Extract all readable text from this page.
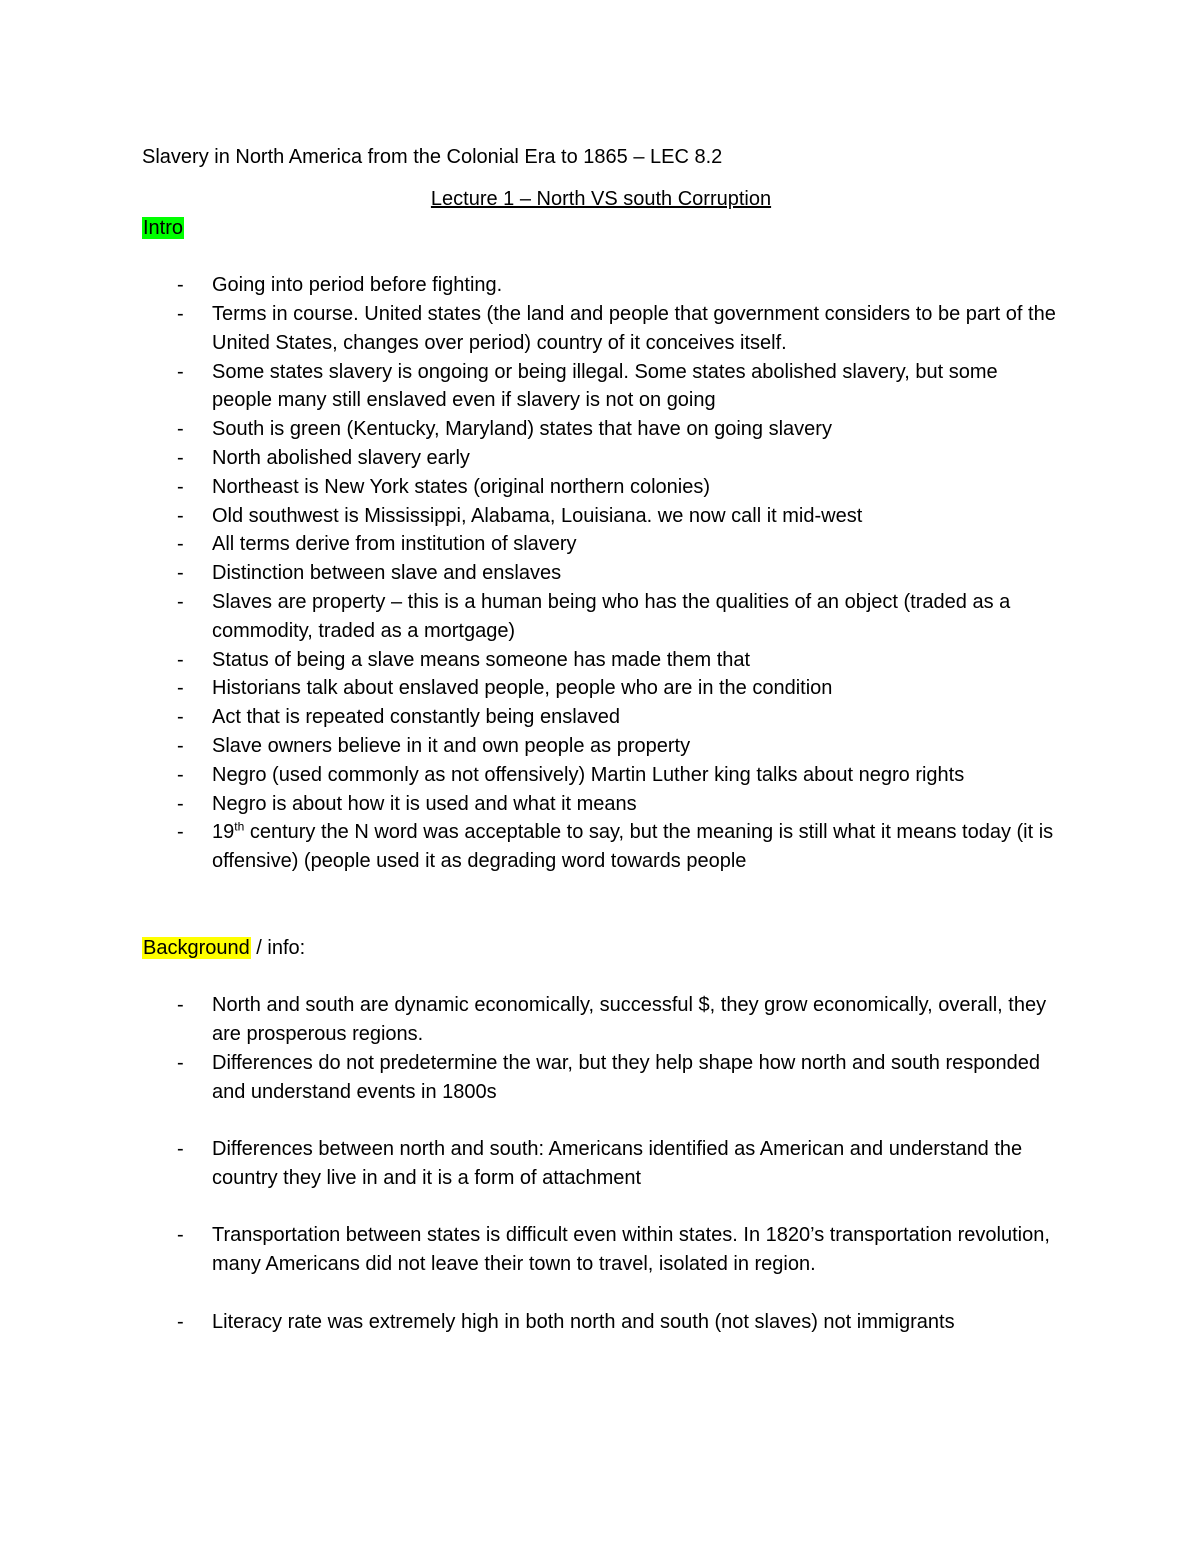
Slavery in North America from the Colonial Era to 1865 – LEC 8.2
Lecture 1 – North VS south Corruption
Intro
- Going into period before fighting.
- Terms in course. United states (the land and people that government considers to be part of the United States, changes over period) country of it conceives itself.
- Some states slavery is ongoing or being illegal. Some states abolished slavery, but some people many still enslaved even if slavery is not on going
- South is green (Kentucky, Maryland) states that have on going slavery
- North abolished slavery early
- Northeast is New York states (original northern colonies)
- Old southwest is Mississippi, Alabama, Louisiana. we now call it mid-west
- All terms derive from institution of slavery
- Distinction between slave and enslaves
- Slaves are property – this is a human being who has the qualities of an object (traded as a commodity, traded as a mortgage)
- Status of being a slave means someone has made them that
- Historians talk about enslaved people, people who are in the condition
- Act that is repeated constantly being enslaved
- Slave owners believe in it and own people as property
- Negro (used commonly as not offensively) Martin Luther king talks about negro rights
- Negro is about how it is used and what it means
- 19th century the N word was acceptable to say, but the meaning is still what it means today (it is offensive) (people used it as degrading word towards people
Background / info:
- North and south are dynamic economically, successful $, they grow economically, overall, they are prosperous regions.
- Differences do not predetermine the war, but they help shape how north and south responded and understand events in 1800s
- Differences between north and south: Americans identified as American and understand the country they live in and it is a form of attachment
- Transportation between states is difficult even within states. In 1820’s transportation revolution, many Americans did not leave their town to travel, isolated in region.
- Literacy rate was extremely high in both north and south (not slaves) not immigrants
